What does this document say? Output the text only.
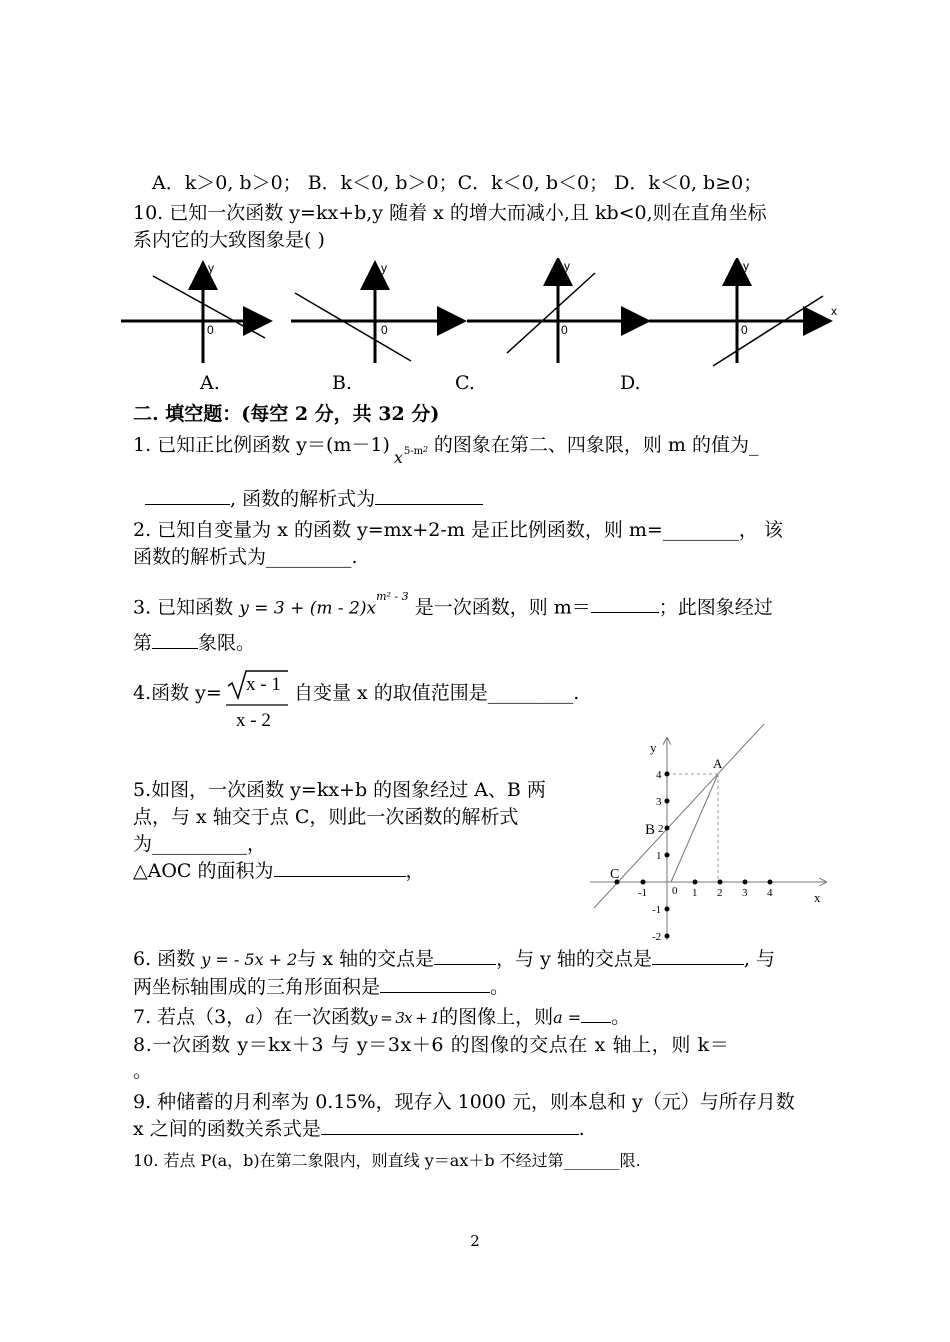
A．k＞0, b＞0； B．k＜0, b＞0；C．k＜0, b＜0； D．k＜0, b≥0；
10. 已知一次函数 y=kx+b,y 随着 x 的增大而减小,且 kb<0,则在直角坐标
系内它的大致图象是( )
y
0
y
0
y
0
y
0
x
A.	B.	C.	D.
二. 填空题：(每空 2 分，共 32 分)
1. 已知正比例函数 y＝(m－1)
x 5-m 2 的图象在第二、四象限，则 m 的值为_
, 函数的解析式为
2. 已知自变量为 x 的函数 y=mx+2-m 是正比例函数，则 m=________， 该
函数的解析式为_________.
3. 已知函数 $y = 3 + (m - 2)x^{m^2 - 3}$ 是一次函数，则 m＝	；此图象经过
第 象限。
4.函数 y= x - 1
x - 2
自变量 x 的取值范围是_________.
5.如图，一次函数 y=kx+b 的图象经过 A、B 两
点，与 x 轴交于点 C，则此一次函数的解析式
为__________，
△AOC 的面积为	，
y
x
A
B
C
0
-1	1 2 3 4
4
3
2
1
-1
-2
6. 函数 y = - 5x + 2与 x 轴的交点是	，与 y 轴的交点是	, 与
两坐标轴围成的三角形面积是	。
7. 若点（3，a）在一次函数y = 3x + 1的图像上，则a = 。
8.一次函数 y＝kx＋3 与 y＝3x＋6 的图像的交点在 x 轴上，则 k＝
。
9. 种储蓄的月利率为 0.15%，现存入 1000 元，则本息和 y（元）与所存月数
x 之间的函数关系式是	.
10. 若点 P(a，b)在第二象限内，则直线 y＝ax＋b 不经过第_______限.
2
